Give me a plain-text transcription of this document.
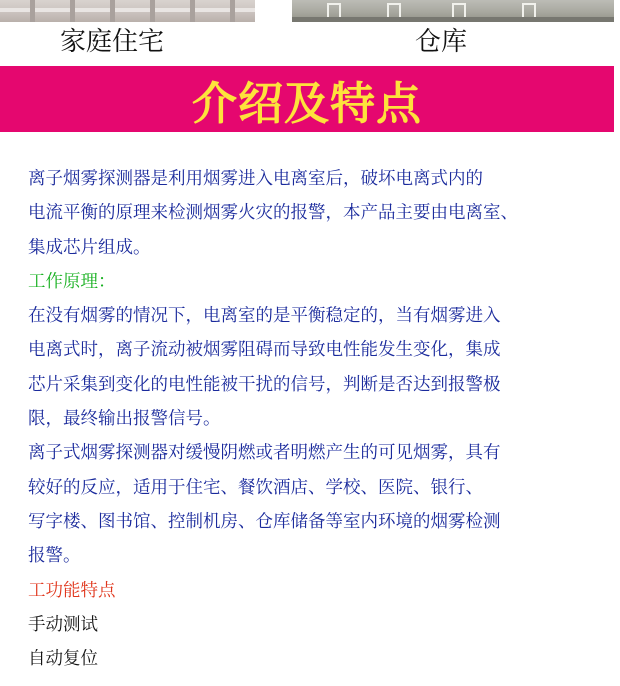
家庭住宅	仓库
介绍及特点
离子烟雾探测器是利用烟雾进入电离室后，破坏电离式内的
电流平衡的原理来检测烟雾火灾的报警，本产品主要由电离室、
集成芯片组成。
工作原理：
在没有烟雾的情况下，电离室的是平衡稳定的，当有烟雾进入
电离式时，离子流动被烟雾阻碍而导致电性能发生变化，集成
芯片采集到变化的电性能被干扰的信号，判断是否达到报警极
限，最终输出报警信号。
离子式烟雾探测器对缓慢阴燃或者明燃产生的可见烟雾，具有
较好的反应，适用于住宅、餐饮酒店、学校、医院、银行、
写字楼、图书馆、控制机房、仓库储备等室内环境的烟雾检测
报警。
工功能特点
手动测试
自动复位
